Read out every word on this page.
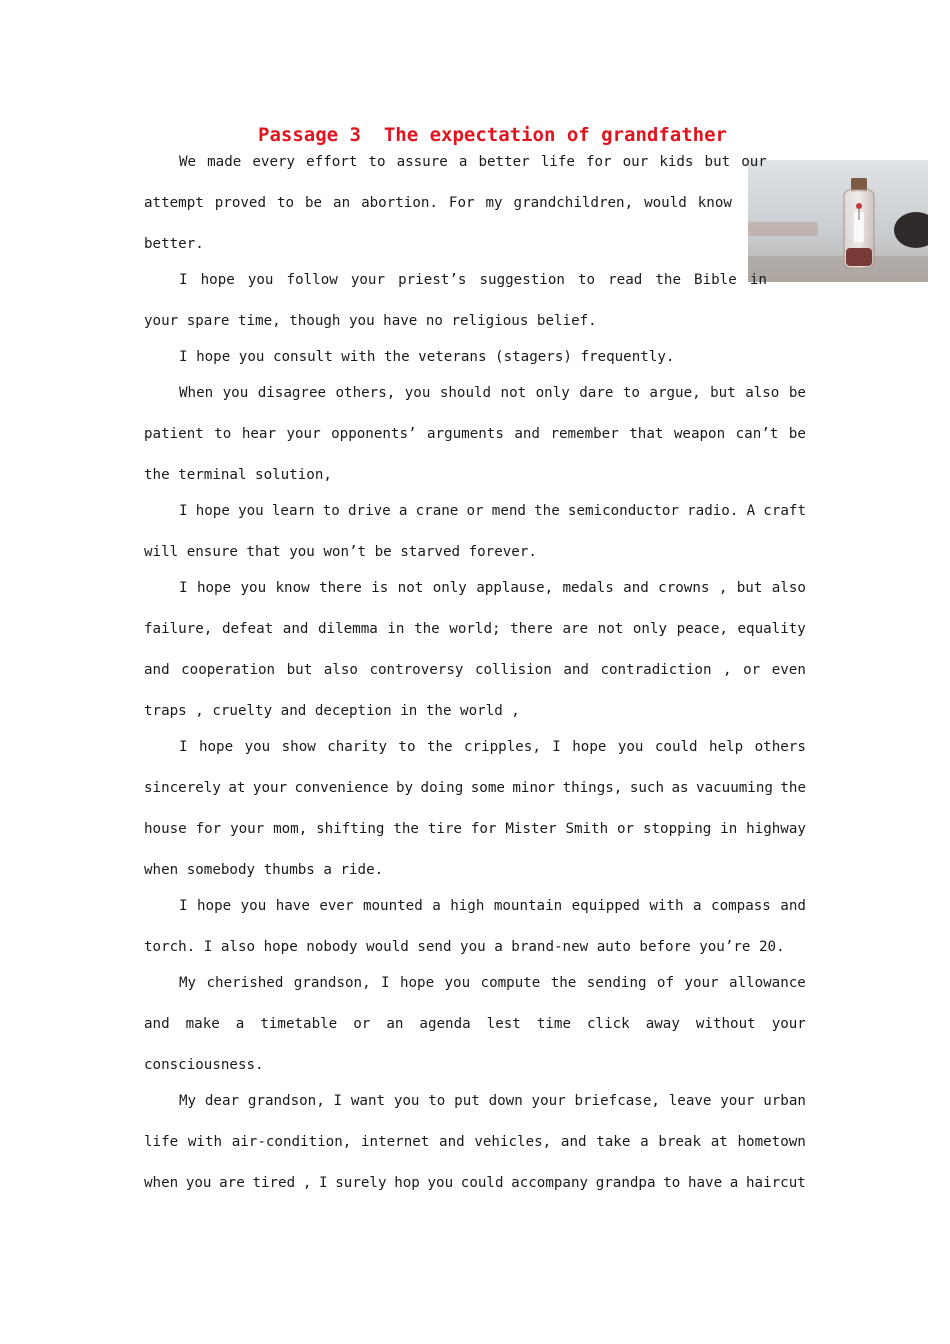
Passage 3  The expectation of grandfather
We made every effort to assure a better life for our kids but our
attempt proved to be an abortion. For my grandchildren, would know
better.
I hope you follow your priest’s suggestion to read the Bible in
your spare time, though you have no religious belief.
I hope you consult with the veterans (stagers) frequently.
When you disagree others, you should not only dare to argue, but also be
patient to hear your opponents’ arguments and remember that weapon can’t be
the terminal solution,
I hope you learn to drive a crane or mend the semiconductor radio. A craft
will ensure that you won’t be starved forever.
I hope you know there is not only applause, medals and crowns , but also
failure, defeat and dilemma in the world; there are not only peace, equality
and cooperation but also controversy collision and contradiction , or even
traps , cruelty and deception in the world ,
I hope you show charity to the cripples, I hope you could help others
sincerely at your convenience by doing some minor things, such as vacuuming the
house for your mom, shifting the tire for Mister Smith or stopping in highway
when somebody thumbs a ride.
I hope you have ever mounted a high mountain equipped with a compass and
torch. I also hope nobody would send you a brand-new auto before you’re 20.
My cherished grandson, I hope you compute the sending of your allowance
and make a timetable or an agenda lest time click away without your
consciousness.
My dear grandson, I want you to put down your briefcase, leave your urban
life with air-condition, internet and vehicles, and take a break at hometown
when you are tired , I surely hop you could accompany grandpa to have a haircut
